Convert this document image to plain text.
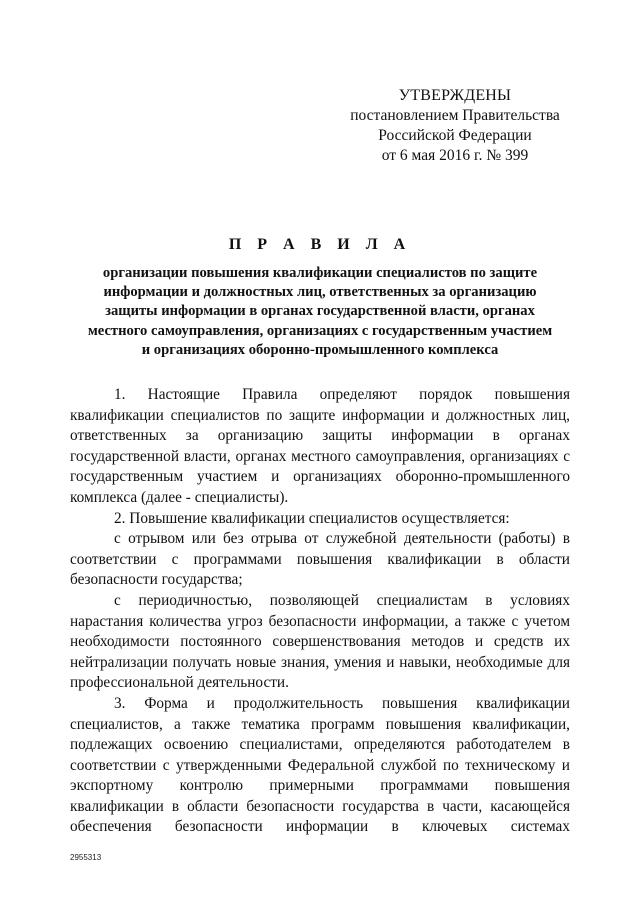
УТВЕРЖДЕНЫ
постановлением Правительства
Российской Федерации
от 6 мая 2016 г. № 399
П Р А В И Л А
организации повышения квалификации специалистов по защите
информации и должностных лиц, ответственных за организацию
защиты информации в органах государственной власти, органах
местного самоуправления, организациях с государственным участием
и организациях оборонно-промышленного комплекса

1. Настоящие Правила определяют порядок повышения квалификации специалистов по защите информации и должностных лиц, ответственных за организацию защиты информации в органах государственной власти, органах местного самоуправления, организациях с государственным участием и организациях оборонно-промышленного комплекса (далее - специалисты).

2. Повышение квалификации специалистов осуществляется:

с отрывом или без отрыва от служебной деятельности (работы) в соответствии с программами повышения квалификации в области безопасности государства;

с периодичностью, позволяющей специалистам в условиях нарастания количества угроз безопасности информации, а также с учетом необходимости постоянного совершенствования методов и средств их нейтрализации получать новые знания, умения и навыки, необходимые для профессиональной деятельности.

3. Форма и продолжительность повышения квалификации специалистов, а также тематика программ повышения квалификации, подлежащих освоению специалистами, определяются работодателем в соответствии с утвержденными Федеральной службой по техническому и экспортному контролю примерными программами повышения квалификации в области безопасности государства в части, касающейся обеспечения безопасности информации в ключевых системах

2955313
